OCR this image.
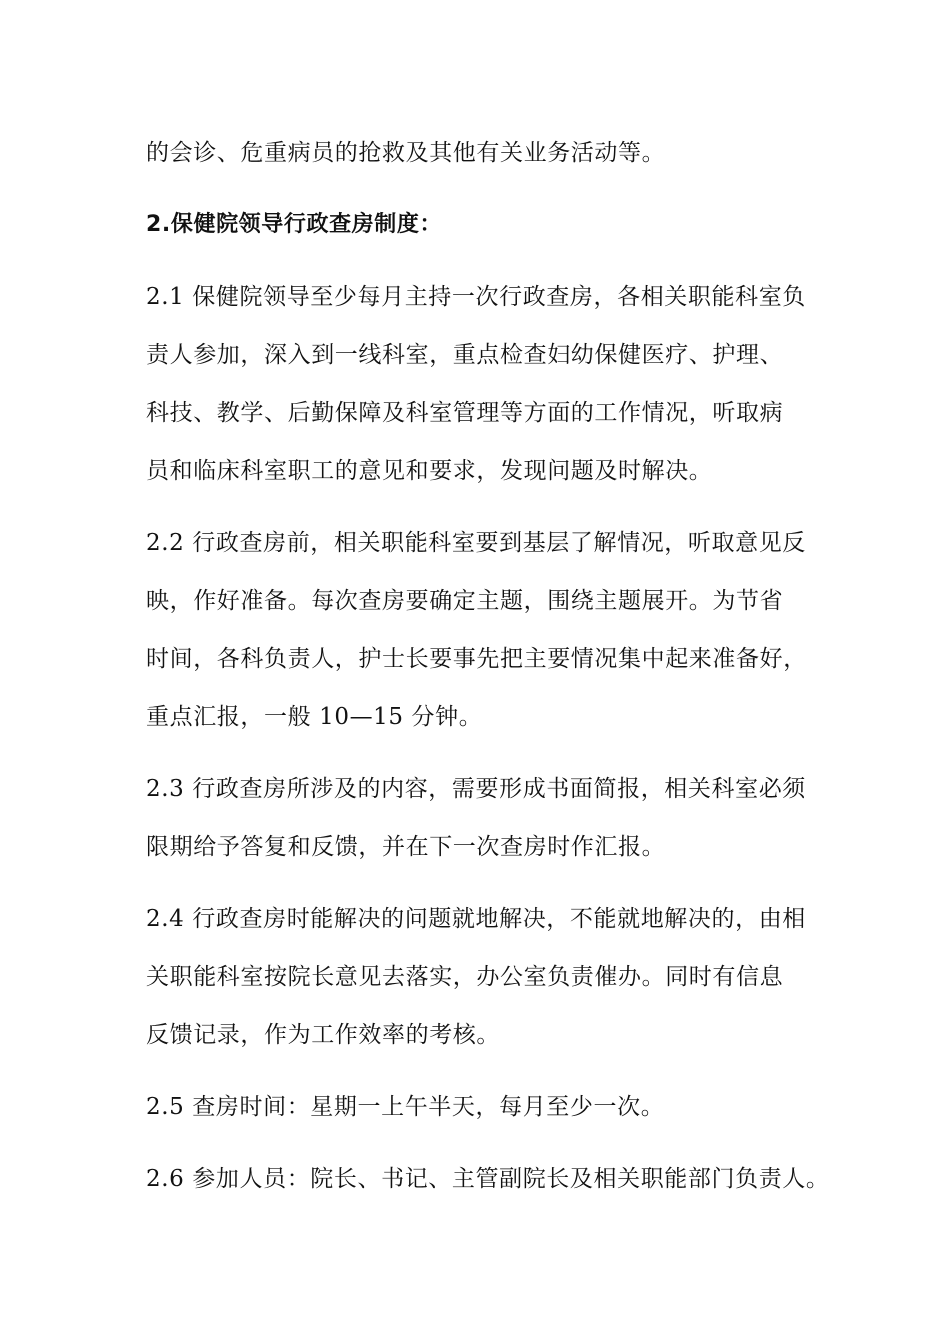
的会诊、危重病员的抢救及其他有关业务活动等。
2.保健院领导行政查房制度：
2.1 保健院领导至少每月主持一次行政查房，各相关职能科室负
责人参加，深入到一线科室，重点检查妇幼保健医疗、护理、
科技、教学、后勤保障及科室管理等方面的工作情况，听取病
员和临床科室职工的意见和要求，发现问题及时解决。
2.2 行政查房前，相关职能科室要到基层了解情况，听取意见反
映，作好准备。每次查房要确定主题，围绕主题展开。为节省
时间，各科负责人，护士长要事先把主要情况集中起来准备好，
重点汇报，一般 10—15 分钟。
2.3 行政查房所涉及的内容，需要形成书面简报，相关科室必须
限期给予答复和反馈，并在下一次查房时作汇报。
2.4 行政查房时能解决的问题就地解决，不能就地解决的，由相
关职能科室按院长意见去落实，办公室负责催办。同时有信息
反馈记录，作为工作效率的考核。
2.5 查房时间：星期一上午半天，每月至少一次。
2.6 参加人员：院长、书记、主管副院长及相关职能部门负责人。
